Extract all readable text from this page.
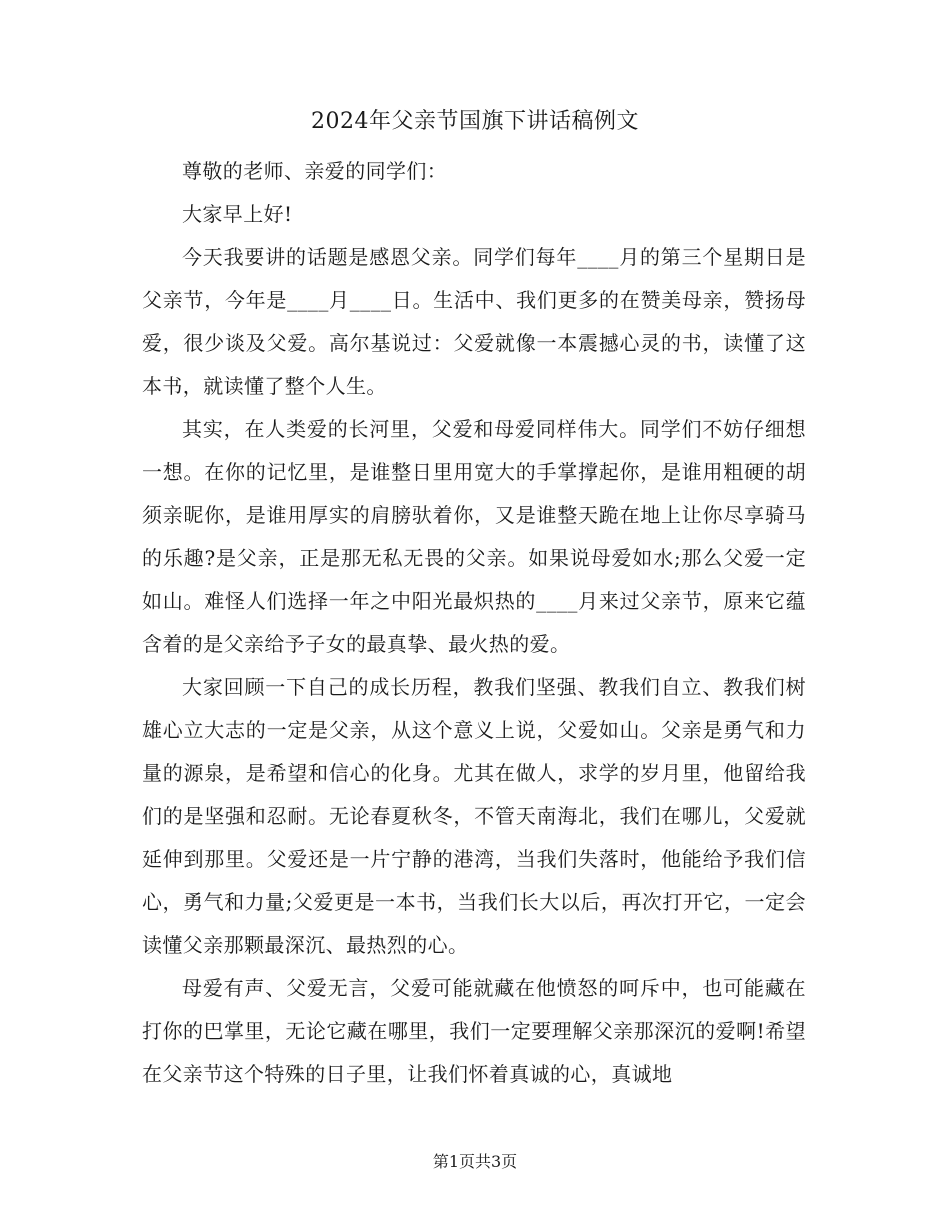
2024年父亲节国旗下讲话稿例文

尊敬的老师、亲爱的同学们：

大家早上好!

今天我要讲的话题是感恩父亲。同学们每年____月的第三个星期日是父亲节，今年是____月____日。生活中、我们更多的在赞美母亲，赞扬母爱，很少谈及父爱。高尔基说过：父爱就像一本震撼心灵的书，读懂了这本书，就读懂了整个人生。

其实，在人类爱的长河里，父爱和母爱同样伟大。同学们不妨仔细想一想。在你的记忆里，是谁整日里用宽大的手掌撑起你，是谁用粗硬的胡须亲昵你，是谁用厚实的肩膀驮着你，又是谁整天跪在地上让你尽享骑马的乐趣?是父亲，正是那无私无畏的父亲。如果说母爱如水;那么父爱一定如山。难怪人们选择一年之中阳光最炽热的____月来过父亲节，原来它蕴含着的是父亲给予子女的最真挚、最火热的爱。

大家回顾一下自己的成长历程，教我们坚强、教我们自立、教我们树雄心立大志的一定是父亲，从这个意义上说，父爱如山。父亲是勇气和力量的源泉，是希望和信心的化身。尤其在做人，求学的岁月里，他留给我们的是坚强和忍耐。无论春夏秋冬，不管天南海北，我们在哪儿，父爱就延伸到那里。父爱还是一片宁静的港湾，当我们失落时，他能给予我们信心，勇气和力量;父爱更是一本书，当我们长大以后，再次打开它，一定会读懂父亲那颗最深沉、最热烈的心。

母爱有声、父爱无言，父爱可能就藏在他愤怒的呵斥中，也可能藏在打你的巴掌里，无论它藏在哪里，我们一定要理解父亲那深沉的爱啊!希望在父亲节这个特殊的日子里，让我们怀着真诚的心，真诚地

第1页共3页
